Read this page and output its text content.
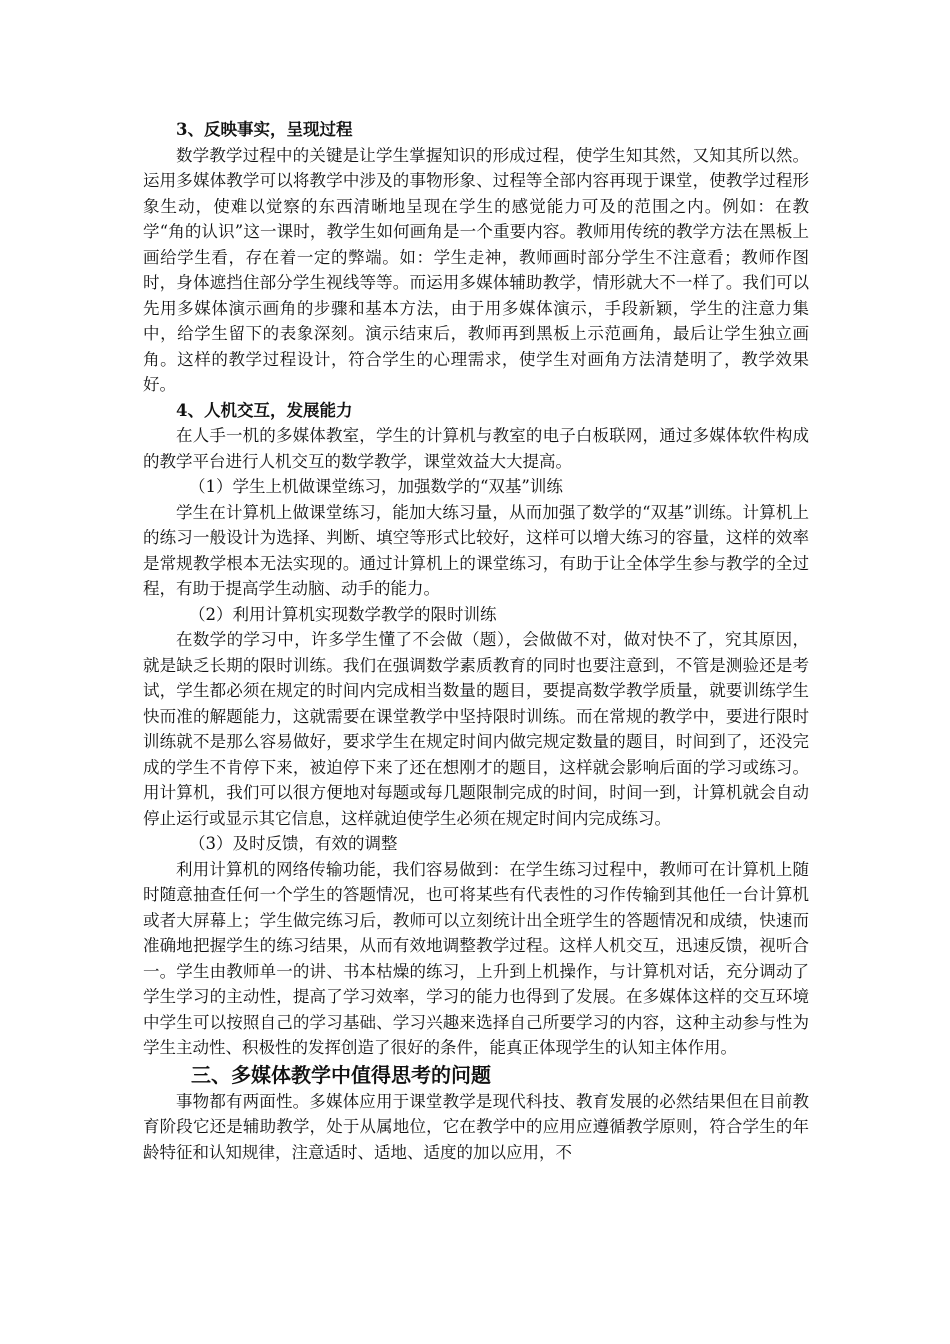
3、反映事实，呈现过程

数学教学过程中的关键是让学生掌握知识的形成过程，使学生知其然，又知其所以然。运用多媒体教学可以将教学中涉及的事物形象、过程等全部内容再现于课堂，使教学过程形象生动，使难以觉察的东西清晰地呈现在学生的感觉能力可及的范围之内。例如：在教学“角的认识”这一课时，教学生如何画角是一个重要内容。教师用传统的教学方法在黑板上画给学生看，存在着一定的弊端。如：学生走神，教师画时部分学生不注意看；教师作图时，身体遮挡住部分学生视线等等。而运用多媒体辅助教学，情形就大不一样了。我们可以先用多媒体演示画角的步骤和基本方法，由于用多媒体演示，手段新颖，学生的注意力集中，给学生留下的表象深刻。演示结束后，教师再到黑板上示范画角，最后让学生独立画角。这样的教学过程设计，符合学生的心理需求，使学生对画角方法清楚明了，教学效果好。

4、人机交互，发展能力

在人手一机的多媒体教室，学生的计算机与教室的电子白板联网，通过多媒体软件构成的教学平台进行人机交互的数学教学，课堂效益大大提高。

（1）学生上机做课堂练习，加强数学的“双基”训练

学生在计算机上做课堂练习，能加大练习量，从而加强了数学的“双基”训练。计算机上的练习一般设计为选择、判断、填空等形式比较好，这样可以增大练习的容量，这样的效率是常规教学根本无法实现的。通过计算机上的课堂练习，有助于让全体学生参与教学的全过程，有助于提高学生动脑、动手的能力。

（2）利用计算机实现数学教学的限时训练

在数学的学习中，许多学生懂了不会做（题），会做做不对，做对快不了，究其原因，就是缺乏长期的限时训练。我们在强调数学素质教育的同时也要注意到，不管是测验还是考试，学生都必须在规定的时间内完成相当数量的题目，要提高数学教学质量，就要训练学生快而准的解题能力，这就需要在课堂教学中坚持限时训练。而在常规的教学中，要进行限时训练就不是那么容易做好，要求学生在规定时间内做完规定数量的题目，时间到了，还没完成的学生不肯停下来，被迫停下来了还在想刚才的题目，这样就会影响后面的学习或练习。用计算机，我们可以很方便地对每题或每几题限制完成的时间，时间一到，计算机就会自动停止运行或显示其它信息，这样就迫使学生必须在规定时间内完成练习。

（3）及时反馈，有效的调整

利用计算机的网络传输功能，我们容易做到：在学生练习过程中，教师可在计算机上随时随意抽查任何一个学生的答题情况，也可将某些有代表性的习作传输到其他任一台计算机或者大屏幕上；学生做完练习后，教师可以立刻统计出全班学生的答题情况和成绩，快速而准确地把握学生的练习结果，从而有效地调整教学过程。这样人机交互，迅速反馈，视听合一。学生由教师单一的讲、书本枯燥的练习，上升到上机操作，与计算机对话，充分调动了学生学习的主动性，提高了学习效率，学习的能力也得到了发展。在多媒体这样的交互环境中学生可以按照自己的学习基础、学习兴趣来选择自己所要学习的内容，这种主动参与性为学生主动性、积极性的发挥创造了很好的条件，能真正体现学生的认知主体作用。

三、多媒体教学中值得思考的问题

事物都有两面性。多媒体应用于课堂教学是现代科技、教育发展的必然结果但在目前教育阶段它还是辅助教学，处于从属地位，它在教学中的应用应遵循教学原则，符合学生的年龄特征和认知规律，注意适时、适地、适度的加以应用，不
